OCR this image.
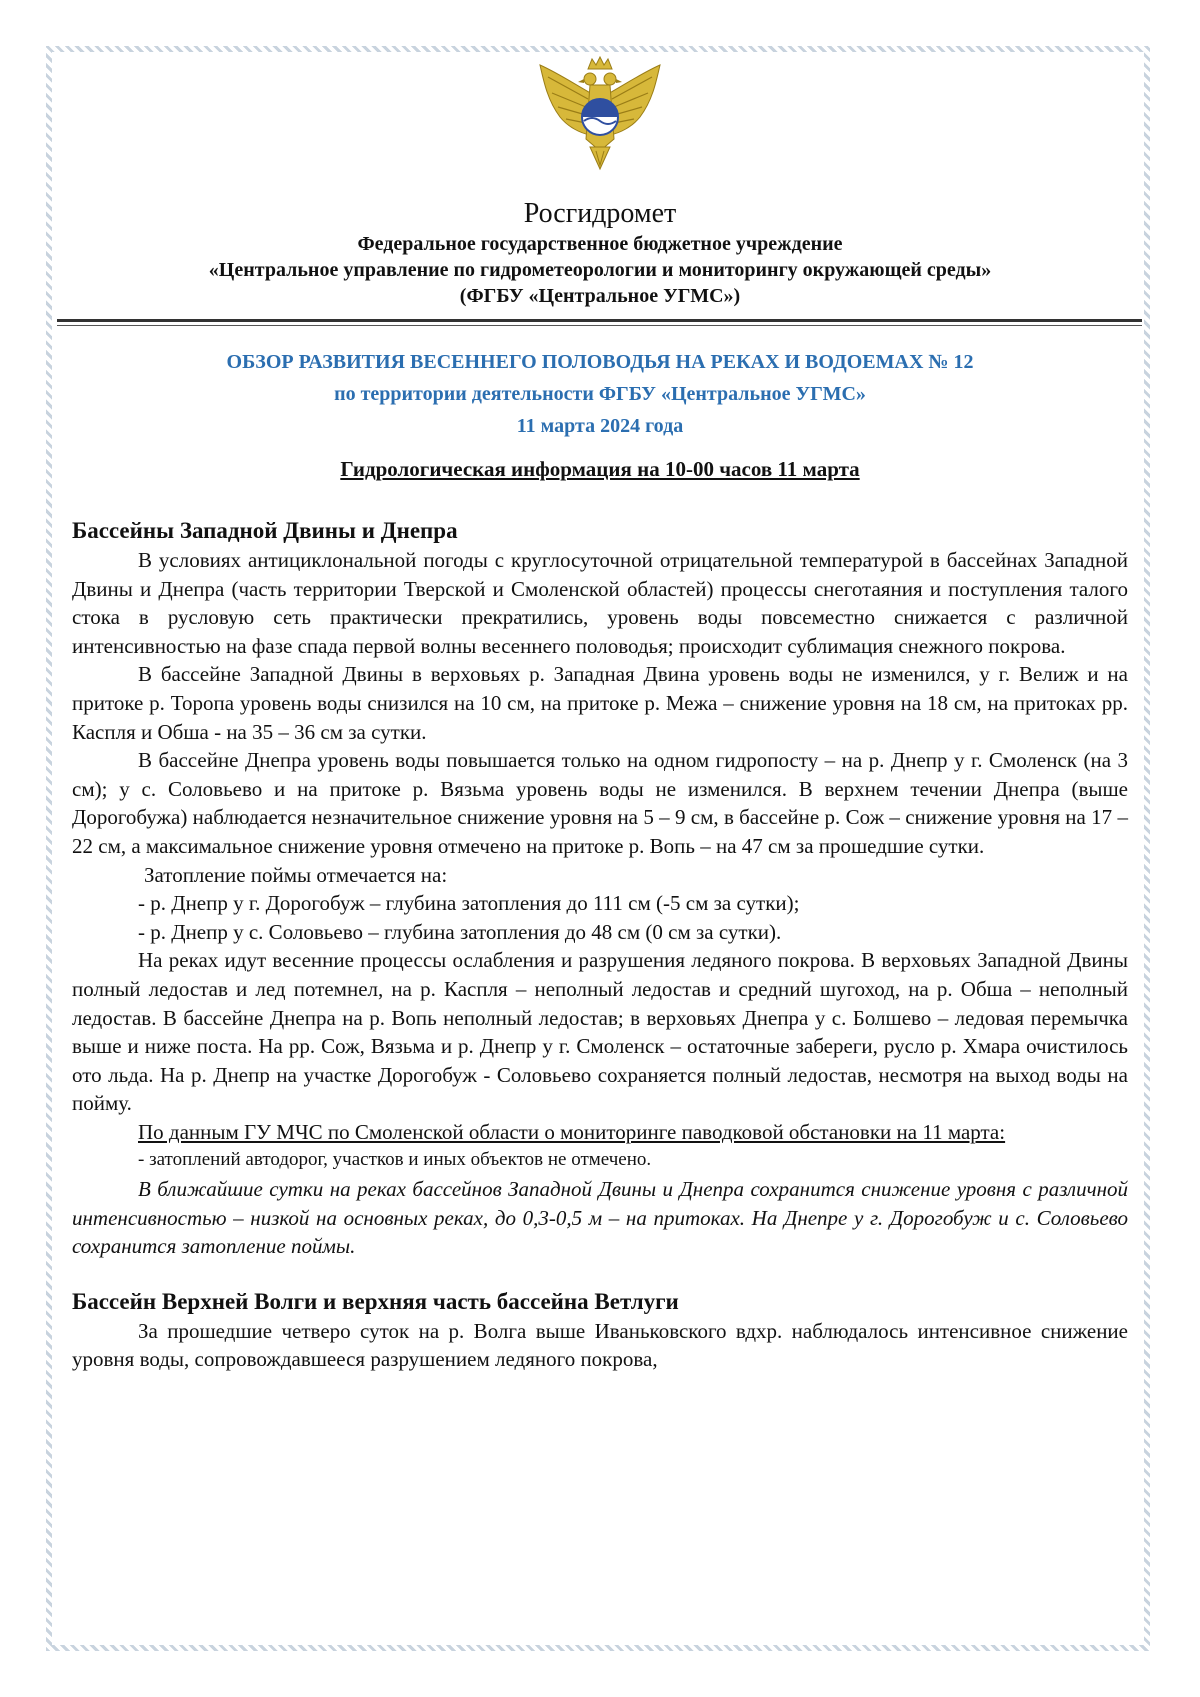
Росгидромет
Федеральное государственное бюджетное учреждение
«Центральное управление по гидрометеорологии и мониторингу окружающей среды»
(ФГБУ «Центральное УГМС»)
ОБЗОР РАЗВИТИЯ ВЕСЕННЕГО ПОЛОВОДЬЯ НА РЕКАХ И ВОДОЕМАХ № 12
по территории деятельности ФГБУ «Центральное УГМС»
11 марта 2024 года
Гидрологическая информация на 10-00 часов 11 марта
Бассейны Западной Двины и Днепра

В условиях антициклональной погоды с круглосуточной отрицательной температурой в бассейнах Западной Двины и Днепра (часть территории Тверской и Смоленской областей) процессы снеготаяния и поступления талого стока в русловую сеть практически прекратились, уровень воды повсеместно снижается с различной интенсивностью на фазе спада первой волны весеннего половодья; происходит сублимация снежного покрова.

В бассейне Западной Двины в верховьях р. Западная Двина уровень воды не изменился, у г. Велиж и на притоке р. Торопа уровень воды снизился на 10 см, на притоке р. Межа – снижение уровня на 18 см, на притоках рр. Каспля и Обша - на 35 – 36 см за сутки.

В бассейне Днепра уровень воды повышается только на одном гидропосту – на р. Днепр у г. Смоленск (на 3 см); у с. Соловьево и на притоке р. Вязьма уровень воды не изменился. В верхнем течении Днепра (выше Дорогобужа) наблюдается незначительное снижение уровня на 5 – 9 см, в бассейне р. Сож – снижение уровня на 17 – 22 см, а максимальное снижение уровня отмечено на притоке р. Вопь – на 47 см за прошедшие сутки.

Затопление поймы отмечается на:

- р. Днепр у г. Дорогобуж – глубина затопления до 111 см (-5 см за сутки);

- р. Днепр у с. Соловьево – глубина затопления до 48 см (0 см за сутки).

На реках идут весенние процессы ослабления и разрушения ледяного покрова. В верховьях Западной Двины полный ледостав и лед потемнел, на р. Каспля – неполный ледостав и средний шугоход, на р. Обша – неполный ледостав. В бассейне Днепра на р. Вопь неполный ледостав; в верховьях Днепра у с. Болшево – ледовая перемычка выше и ниже поста. На рр. Сож, Вязьма и р. Днепр у г. Смоленск – остаточные забереги, русло р. Хмара очистилось ото льда. На р. Днепр на участке Дорогобуж - Соловьево сохраняется полный ледостав, несмотря на выход воды на пойму.

По данным ГУ МЧС по Смоленской области о мониторинге паводковой обстановки на 11 марта:

- затоплений автодорог, участков и иных объектов не отмечено.

В ближайшие сутки на реках бассейнов Западной Двины и Днепра сохранится снижение уровня с различной интенсивностью – низкой на основных реках, до 0,3-0,5 м – на притоках. На Днепре у г. Дорогобуж и с. Соловьево сохранится затопление поймы.

Бассейн Верхней Волги и верхняя часть бассейна Ветлуги

За прошедшие четверо суток на р. Волга выше Иваньковского вдхр. наблюдалось интенсивное снижение уровня воды, сопровождавшееся разрушением ледяного покрова,
